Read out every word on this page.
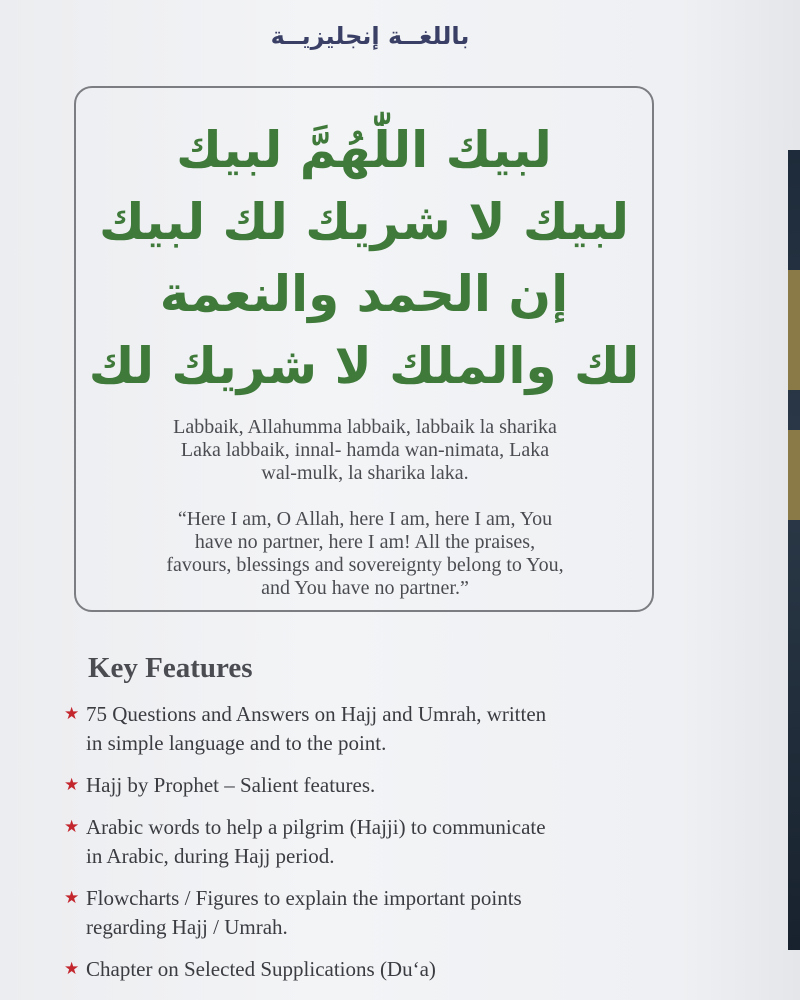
باللغــة إنجليزيــة
لبيك اللّٰهُمَّ لبيك
لبيك لا شريك لك لبيك
إن الحمد والنعمة
لك والملك لا شريك لك
Labbaik, Allahumma labbaik, labbaik la sharika
Laka labbaik, innal- hamda wan-nimata, Laka
wal-mulk, la sharika laka.
“Here I am, O Allah, here I am, here I am, You
have no partner, here I am! All the praises,
favours, blessings and sovereignty belong to You,
and You have no partner.”
Key Features
★ 75 Questions and Answers on Hajj and Umrah, written
in simple language and to the point.
★ Hajj by Prophet – Salient features.
★ Arabic words to help a pilgrim (Hajji) to communicate
in Arabic, during Hajj period.
★ Flowcharts / Figures to explain the important points
regarding Hajj / Umrah.
★ Chapter on Selected Supplications (Du‘a)
